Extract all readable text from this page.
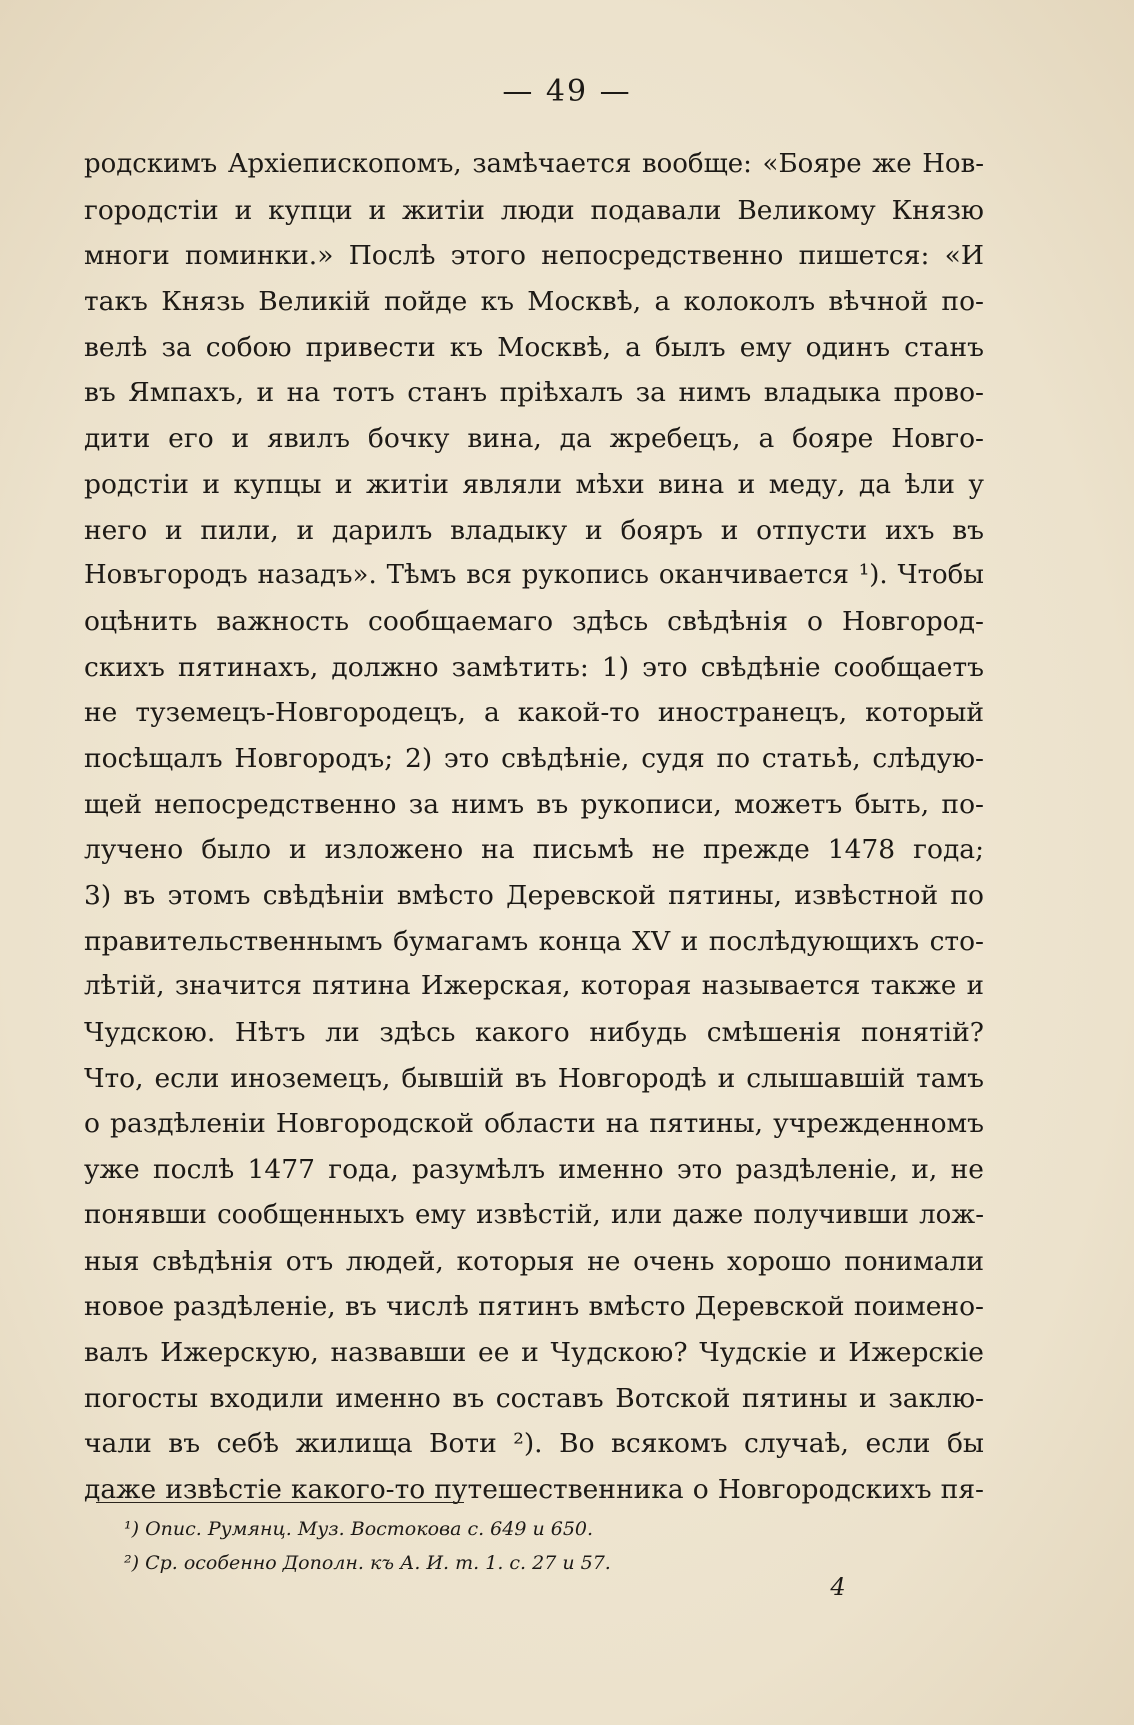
— 49 —
родскимъ Архіепископомъ, замѣчается вообще: «Бояре же Нов-
городстіи и купци и житіи люди подавали Великому Князю
многи поминки.» Послѣ этого непосредственно пишется: «И
такъ Князь Великій пойде къ Москвѣ, а колоколъ вѣчной по-
велѣ за собою привести къ Москвѣ, а былъ ему одинъ станъ
въ Ямпахъ, и на тотъ станъ пріѣхалъ за нимъ владыка прово-
дити его и явилъ бочку вина, да жребецъ, а бояре Новго-
родстіи и купцы и житіи являли мѣхи вина и меду, да ѣли у
него и пили, и дарилъ владыку и бояръ и отпусти ихъ въ
Новъгородъ назадъ». Тѣмъ вся рукопись оканчивается ¹). Чтобы
оцѣнить важность сообщаемаго здѣсь свѣдѣнія о Новгород-
скихъ пятинахъ, должно замѣтить: 1) это свѣдѣніе сообщаетъ
не туземецъ-Новгородецъ, а какой-то иностранецъ, который
посѣщалъ Новгородъ; 2) это свѣдѣніе, судя по статьѣ, слѣдую-
щей непосредственно за нимъ въ рукописи, можетъ быть, по-
лучено было и изложено на письмѣ не прежде 1478 года;
3) въ этомъ свѣдѣніи вмѣсто Деревской пятины, извѣстной по
правительственнымъ бумагамъ конца XV и послѣдующихъ сто-
лѣтій, значится пятина Ижерская, которая называется также и
Чудскою. Нѣтъ ли здѣсь какого нибудь смѣшенія понятій?
Что, если иноземецъ, бывшій въ Новгородѣ и слышавшій тамъ
о раздѣленіи Новгородской области на пятины, учрежденномъ
уже послѣ 1477 года, разумѣлъ именно это раздѣленіе, и, не
понявши сообщенныхъ ему извѣстій, или даже получивши лож-
ныя свѣдѣнія отъ людей, которыя не очень хорошо понимали
новое раздѣленіе, въ числѣ пятинъ вмѣсто Деревской поимено-
валъ Ижерскую, назвавши ее и Чудскою? Чудскіе и Ижерскіе
погосты входили именно въ составъ Вотской пятины и заклю-
чали въ себѣ жилища Воти ²). Во всякомъ случаѣ, если бы
даже извѣстіе какого-то путешественника о Новгородскихъ пя-
¹) Опис. Румянц. Муз. Востокова с. 649 и 650.
²) Ср. особенно Дополн. къ А. И. т. 1. с. 27 и 57.
4
